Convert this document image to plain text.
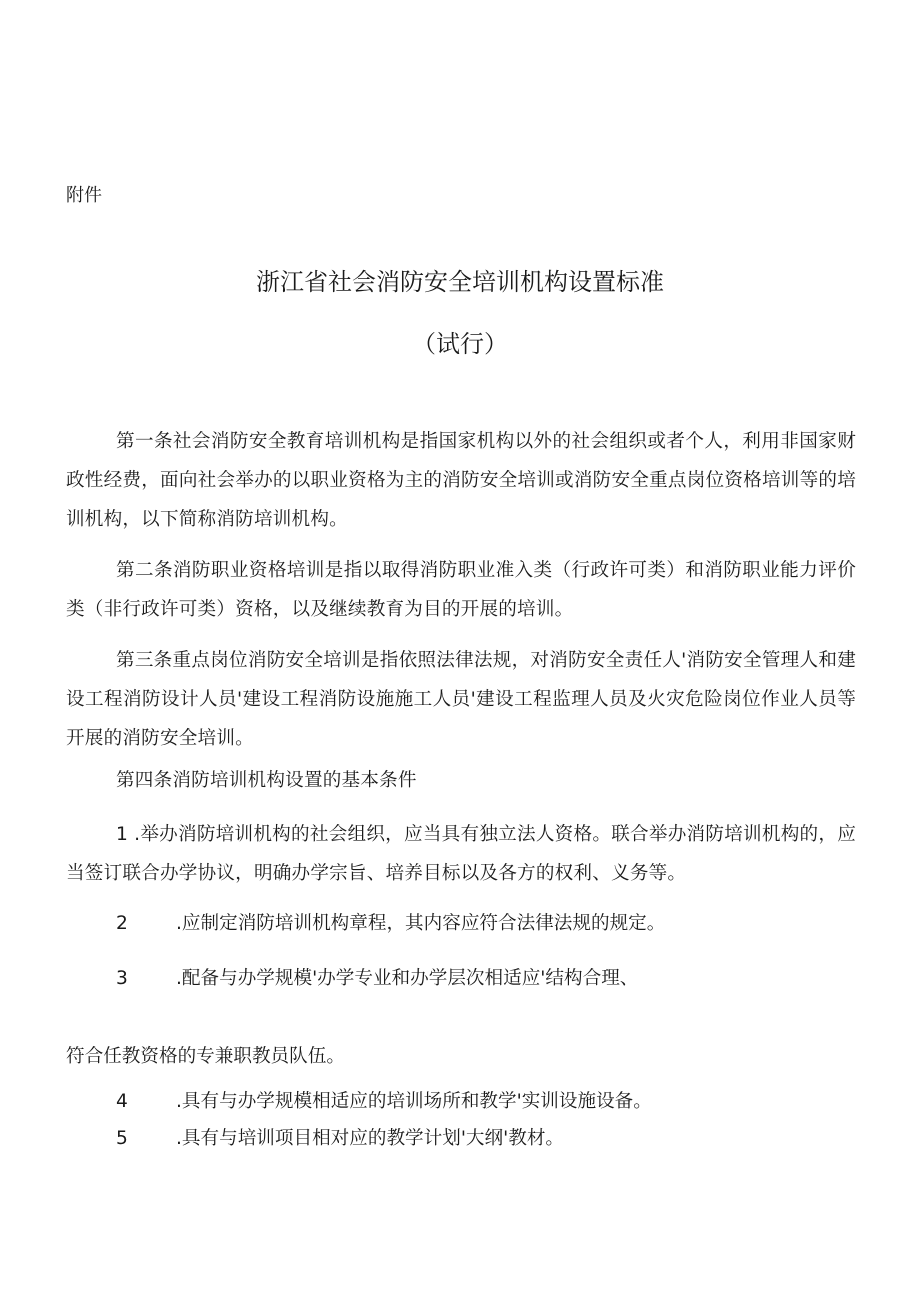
附件

浙江省社会消防安全培训机构设置标准
（试行）

第一条社会消防安全教育培训机构是指国家机构以外的社会组织或者个人，利用非国家财政性经费，面向社会举办的以职业资格为主的消防安全培训或消防安全重点岗位资格培训等的培训机构，以下简称消防培训机构。

第二条消防职业资格培训是指以取得消防职业准入类（行政许可类）和消防职业能力评价类（非行政许可类）资格，以及继续教育为目的开展的培训。

第三条重点岗位消防安全培训是指依照法律法规，对消防安全责任人'消防安全管理人和建设工程消防设计人员'建设工程消防设施施工人员'建设工程监理人员及火灾危险岗位作业人员等开展的消防安全培训。

第四条消防培训机构设置的基本条件

1 .举办消防培训机构的社会组织，应当具有独立法人资格。联合举办消防培训机构的，应当签订联合办学协议，明确办学宗旨、培养目标以及各方的权利、义务等。

2	.应制定消防培训机构章程，其内容应符合法律法规的规定。

3	.配备与办学规模'办学专业和办学层次相适应'结构合理、

符合任教资格的专兼职教员队伍。

4	.具有与办学规模相适应的培训场所和教学'实训设施设备。

5	.具有与培训项目相对应的教学计划'大纲'教材。
